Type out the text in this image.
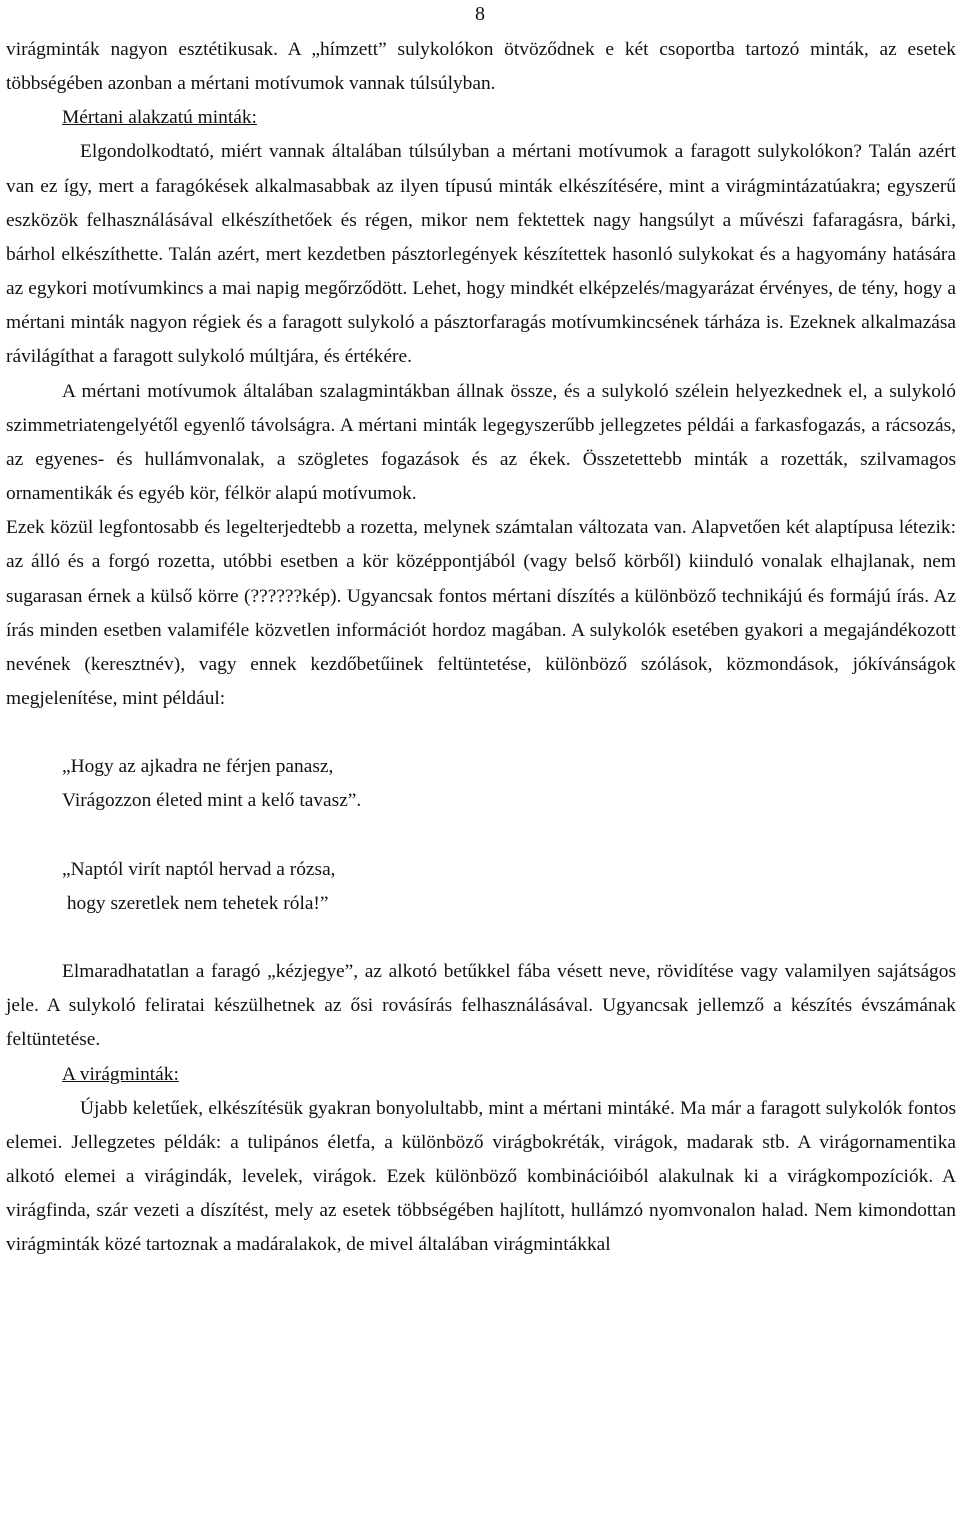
8

virágminták nagyon esztétikusak. A „hímzett” sulykolókon ötvöződnek e két csoportba tartozó minták, az esetek többségében azonban a mértani motívumok vannak túlsúlyban.

Mértani alakzatú minták:

Elgondolkodtató, miért vannak általában túlsúlyban a mértani motívumok a faragott sulykolókon? Talán azért van ez így, mert a faragókések alkalmasabbak az ilyen típusú minták elkészítésére, mint a virágmintázatúakra; egyszerű eszközök felhasználásával elkészíthetőek és régen, mikor nem fektettek nagy hangsúlyt a művészi fafaragásra, bárki, bárhol elkészíthette. Talán azért, mert kezdetben pásztorlegények készítettek hasonló sulykokat és a hagyomány hatására az egykori motívumkincs a mai napig megőrződött. Lehet, hogy mindkét elképzelés/magyarázat érvényes, de tény, hogy a mértani minták nagyon régiek és a faragott sulykoló a pásztorfaragás motívumkincsének tárháza is. Ezeknek alkalmazása rávilágíthat a faragott sulykoló múltjára, és értékére.

A mértani motívumok általában szalagmintákban állnak össze, és a sulykoló szélein helyezkednek el, a sulykoló szimmetriatengelyétől egyenlő távolságra. A mértani minták legegyszerűbb jellegzetes példái a farkasfogazás, a rácsozás, az egyenes- és hullámvonalak, a szögletes fogazások és az ékek. Összetettebb minták a rozetták, szilvamagos ornamentikák és egyéb kör, félkör alapú motívumok.

Ezek közül legfontosabb és legelterjedtebb a rozetta, melynek számtalan változata van. Alapvetően két alaptípusa létezik: az álló és a forgó rozetta, utóbbi esetben a kör középpontjából (vagy belső körből) kiinduló vonalak elhajlanak, nem sugarasan érnek a külső körre (??????kép). Ugyancsak fontos mértani díszítés a különböző technikájú és formájú írás. Az írás minden esetben valamiféle közvetlen információt hordoz magában. A sulykolók esetében gyakori a megajándékozott nevének (keresztnév), vagy ennek kezdőbetűinek feltüntetése, különböző szólások, közmondások, jókívánságok megjelenítése, mint például:

„Hogy az ajkadra ne férjen panasz,

Virágozzon életed mint a kelő tavasz”.

„Naptól virít naptól hervad a rózsa,

hogy szeretlek nem tehetek róla!”

Elmaradhatatlan a faragó „kézjegye”, az alkotó betűkkel fába vésett neve, rövidítése vagy valamilyen sajátságos jele. A sulykoló feliratai készülhetnek az ősi rovásírás felhasználásával. Ugyancsak jellemző a készítés évszámának feltüntetése.

A virágminták:

Újabb keletűek, elkészítésük gyakran bonyolultabb, mint a mértani mintáké. Ma már a faragott sulykolók fontos elemei. Jellegzetes példák: a tulipános életfa, a különböző virágbokréták, virágok, madarak stb. A virágornamentika alkotó elemei a virágindák, levelek, virágok. Ezek különböző kombinációiból alakulnak ki a virágkompozíciók. A virágfinda, szár vezeti a díszítést, mely az esetek többségében hajlított, hullámzó nyomvonalon halad. Nem kimondottan virágminták közé tartoznak a madáralakok, de mivel általában virágmintákkal
